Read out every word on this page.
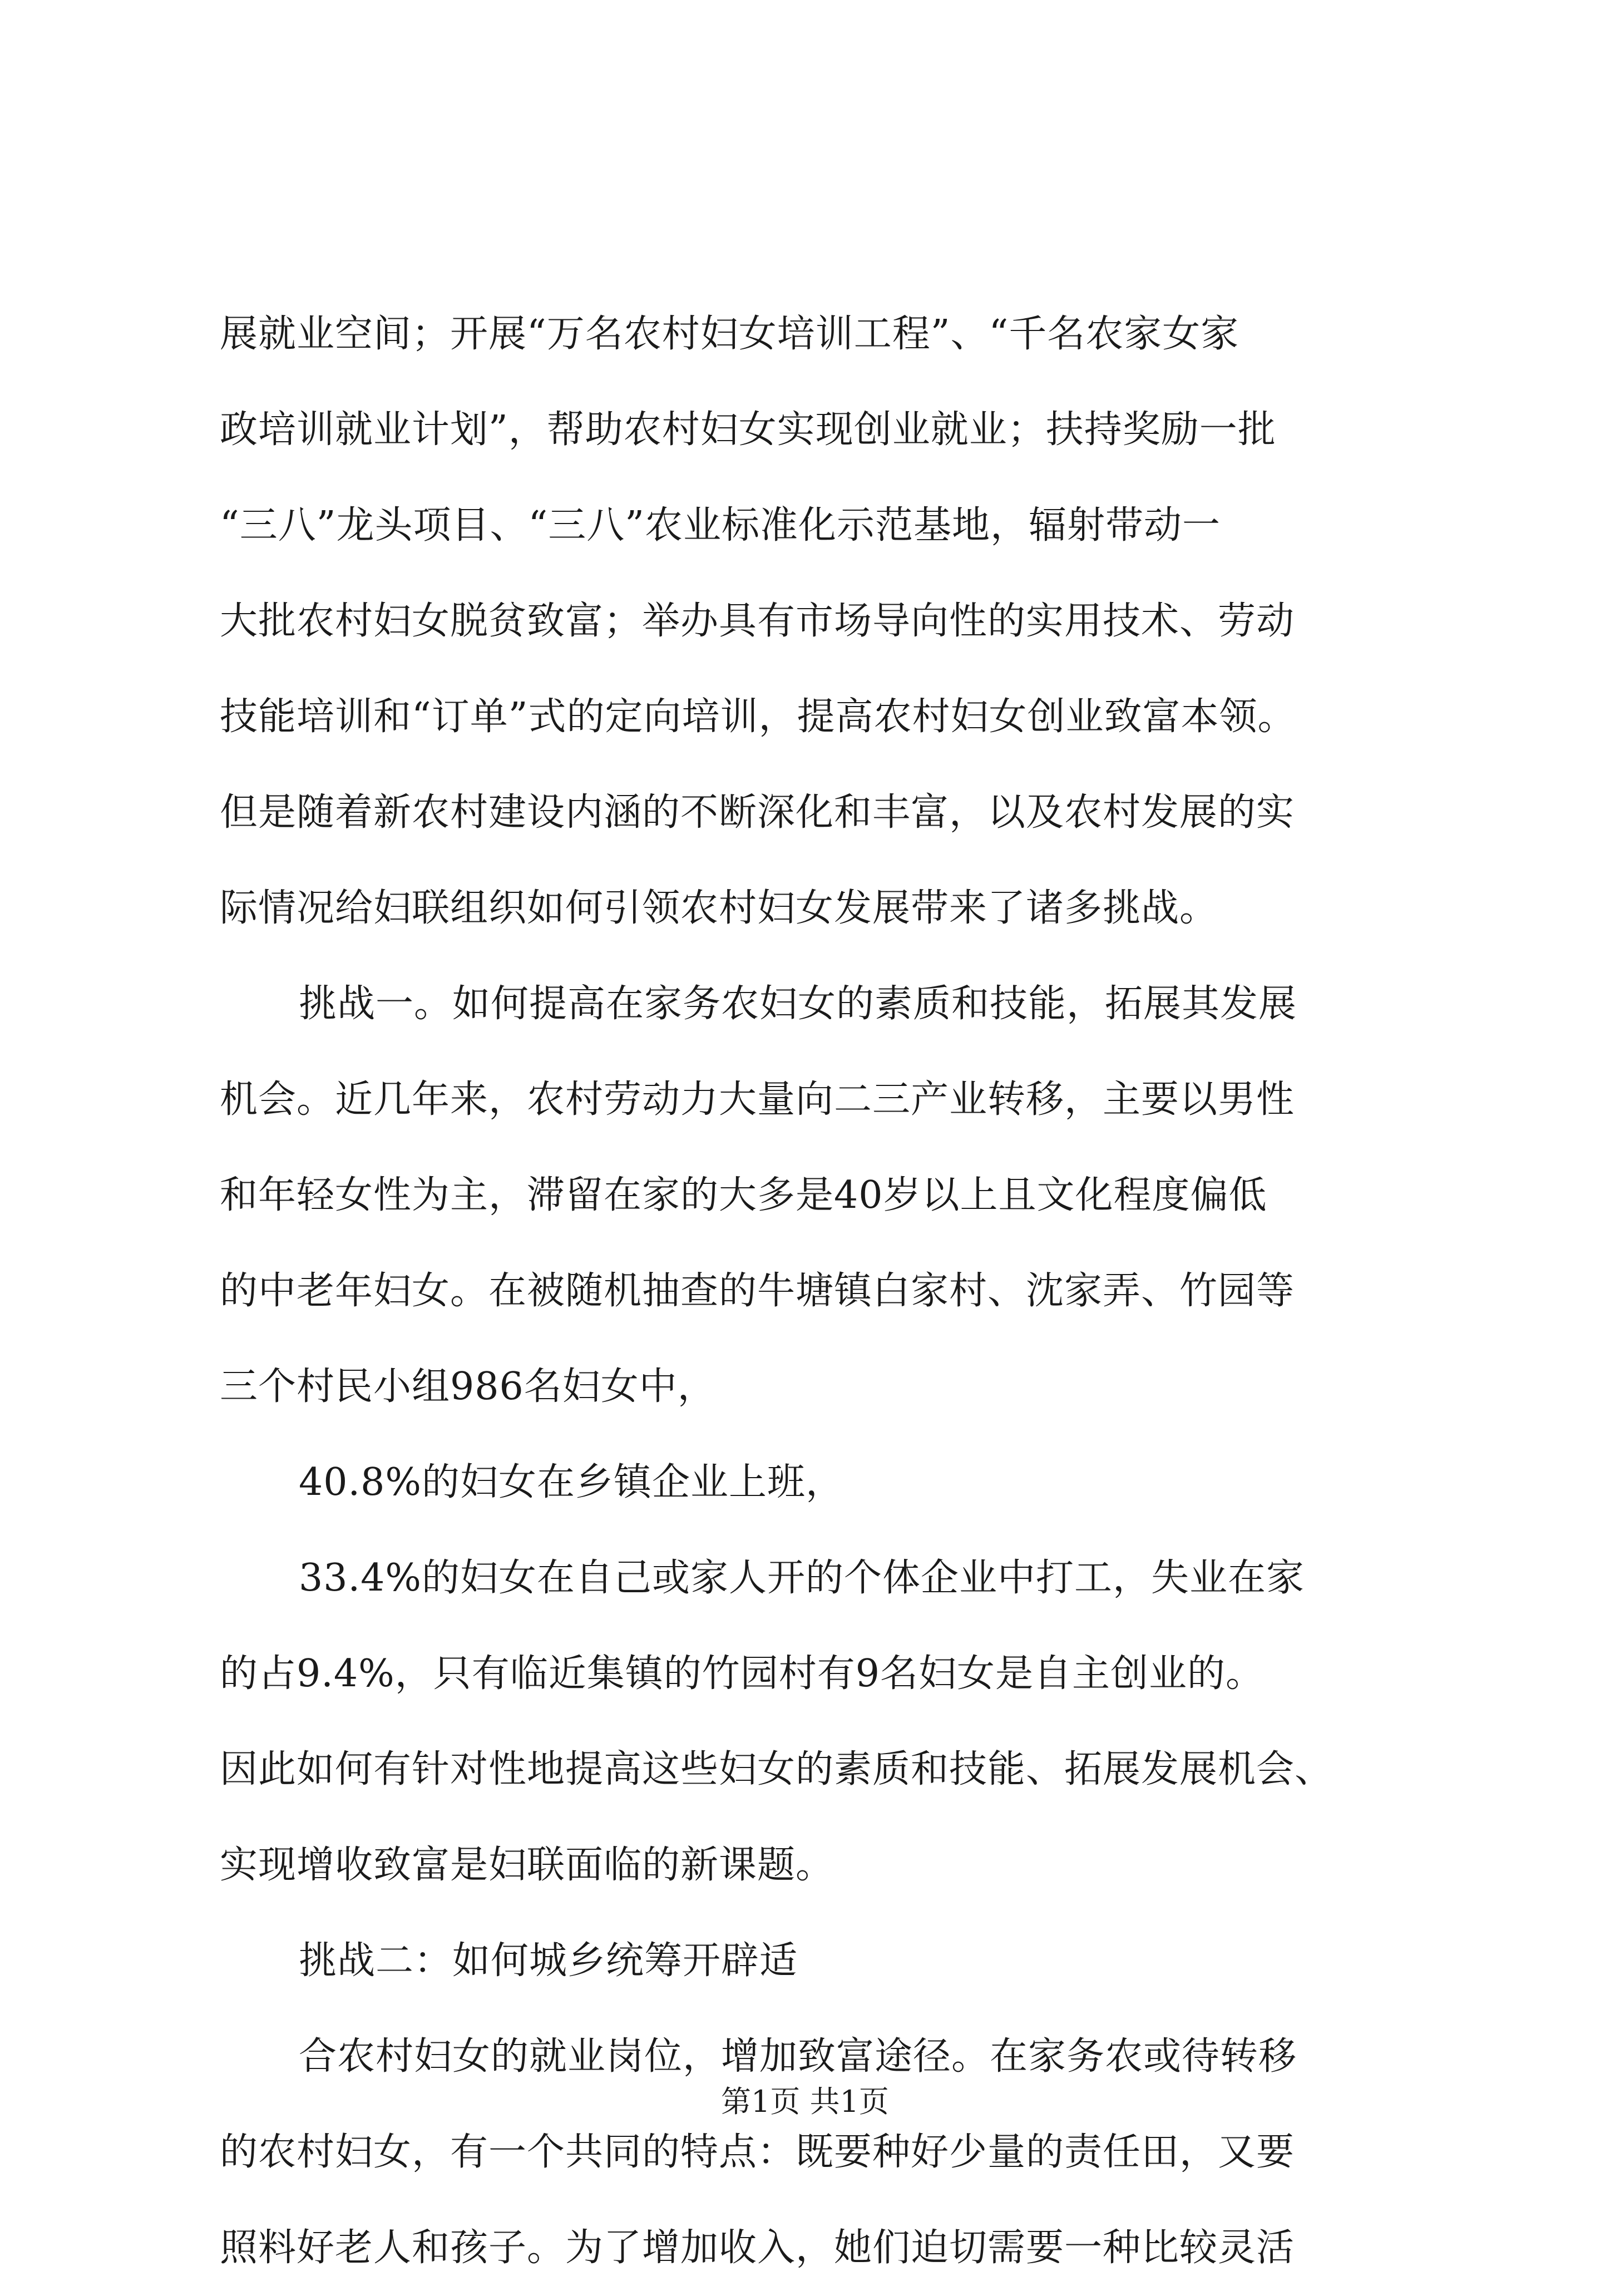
展就业空间；开展“万名农村妇女培训工程”、“千名农家女家
政培训就业计划”，帮助农村妇女实现创业就业；扶持奖励一批
“三八”龙头项目、“三八”农业标准化示范基地，辐射带动一
大批农村妇女脱贫致富；举办具有市场导向性的实用技术、劳动
技能培训和“订单”式的定向培训，提高农村妇女创业致富本领。
但是随着新农村建设内涵的不断深化和丰富，以及农村发展的实
际情况给妇联组织如何引领农村妇女发展带来了诸多挑战。
挑战一。如何提高在家务农妇女的素质和技能，拓展其发展
机会。近几年来，农村劳动力大量向二三产业转移，主要以男性
和年轻女性为主，滞留在家的大多是40岁以上且文化程度偏低
的中老年妇女。在被随机抽查的牛塘镇白家村、沈家弄、竹园等
三个村民小组986名妇女中，
40.8%的妇女在乡镇企业上班，
33.4%的妇女在自己或家人开的个体企业中打工，失业在家
的占9.4%，只有临近集镇的竹园村有9名妇女是自主创业的。
因此如何有针对性地提高这些妇女的素质和技能、拓展发展机会、
实现增收致富是妇联面临的新课题。
挑战二：如何城乡统筹开辟适
合农村妇女的就业岗位，增加致富途径。在家务农或待转移
的农村妇女，有一个共同的特点：既要种好少量的责任田，又要
照料好老人和孩子。为了增加收入，她们迫切需要一种比较灵活
第1页 共1页
